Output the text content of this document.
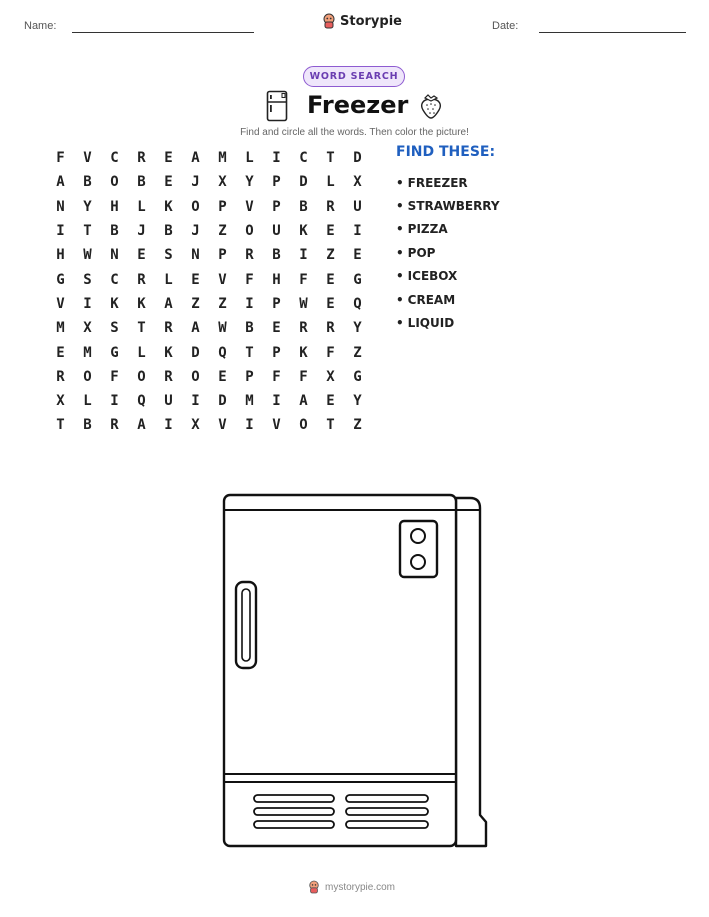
Name:	Storypie	Date:
WORD SEARCH
Freezer
Find and circle all the words. Then color the picture!
F	V	C	R	E	A	M	L	I	C	T	D
A	B	O	B	E	J	X	Y	P	D	L	X
N	Y	H	L	K	O	P	V	P	B	R	U
I	T	B	J	B	J	Z	O	U	K	E	I
H	W	N	E	S	N	P	R	B	I	Z	E
G	S	C	R	L	E	V	F	H	F	E	G
V	I	K	K	A	Z	Z	I	P	W	E	Q
M	X	S	T	R	A	W	B	E	R	R	Y
E	M	G	L	K	D	Q	T	P	K	F	Z
R	O	F	O	R	O	E	P	F	F	X	G
X	L	I	Q	U	I	D	M	I	A	E	Y
T	B	R	A	I	X	V	I	V	O	T	Z
FIND THESE:
• FREEZER
• STRAWBERRY
• PIZZA
• POP
• ICEBOX
• CREAM
• LIQUID
mystorypie.com
